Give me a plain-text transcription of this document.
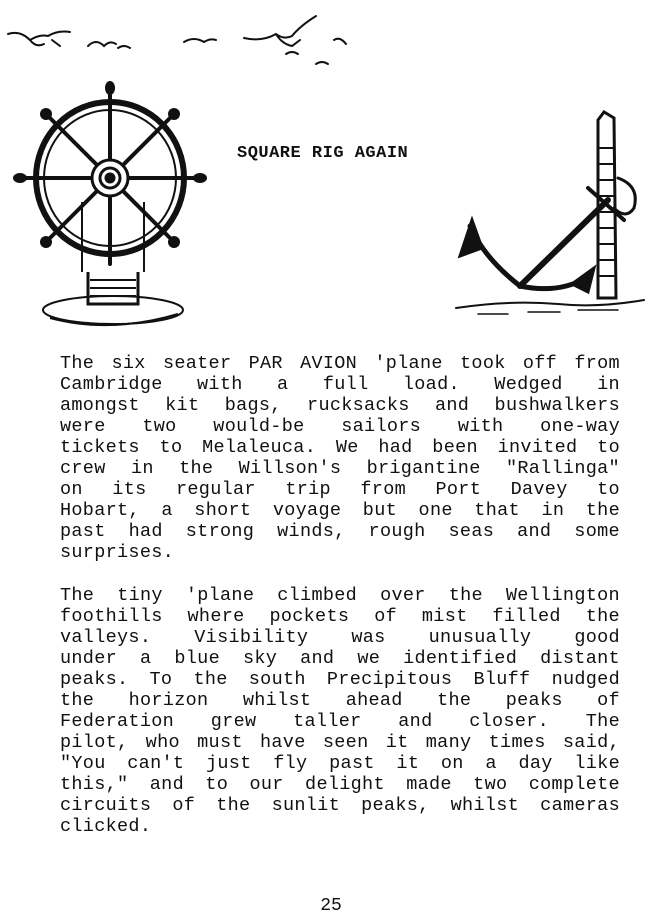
SQUARE RIG AGAIN
The six seater PAR AVION 'plane took off from
Cambridge with a full load. Wedged in
amongst kit bags, rucksacks and bushwalkers
were two would-be sailors with one-way
tickets to Melaleuca. We had been invited to
crew in the Willson's brigantine "Rallinga"
on its regular trip from Port Davey to
Hobart, a short voyage but one that in the
past had strong winds, rough seas and some
surprises.
The tiny 'plane climbed over the Wellington
foothills where pockets of mist filled the
valleys. Visibility was unusually good
under a blue sky and we identified distant
peaks. To the south Precipitous Bluff nudged
the horizon whilst ahead the peaks of
Federation grew taller and closer. The
pilot, who must have seen it many times said,
"You can't just fly past it on a day like
this," and to our delight made two complete
circuits of the sunlit peaks, whilst cameras
clicked.
25
